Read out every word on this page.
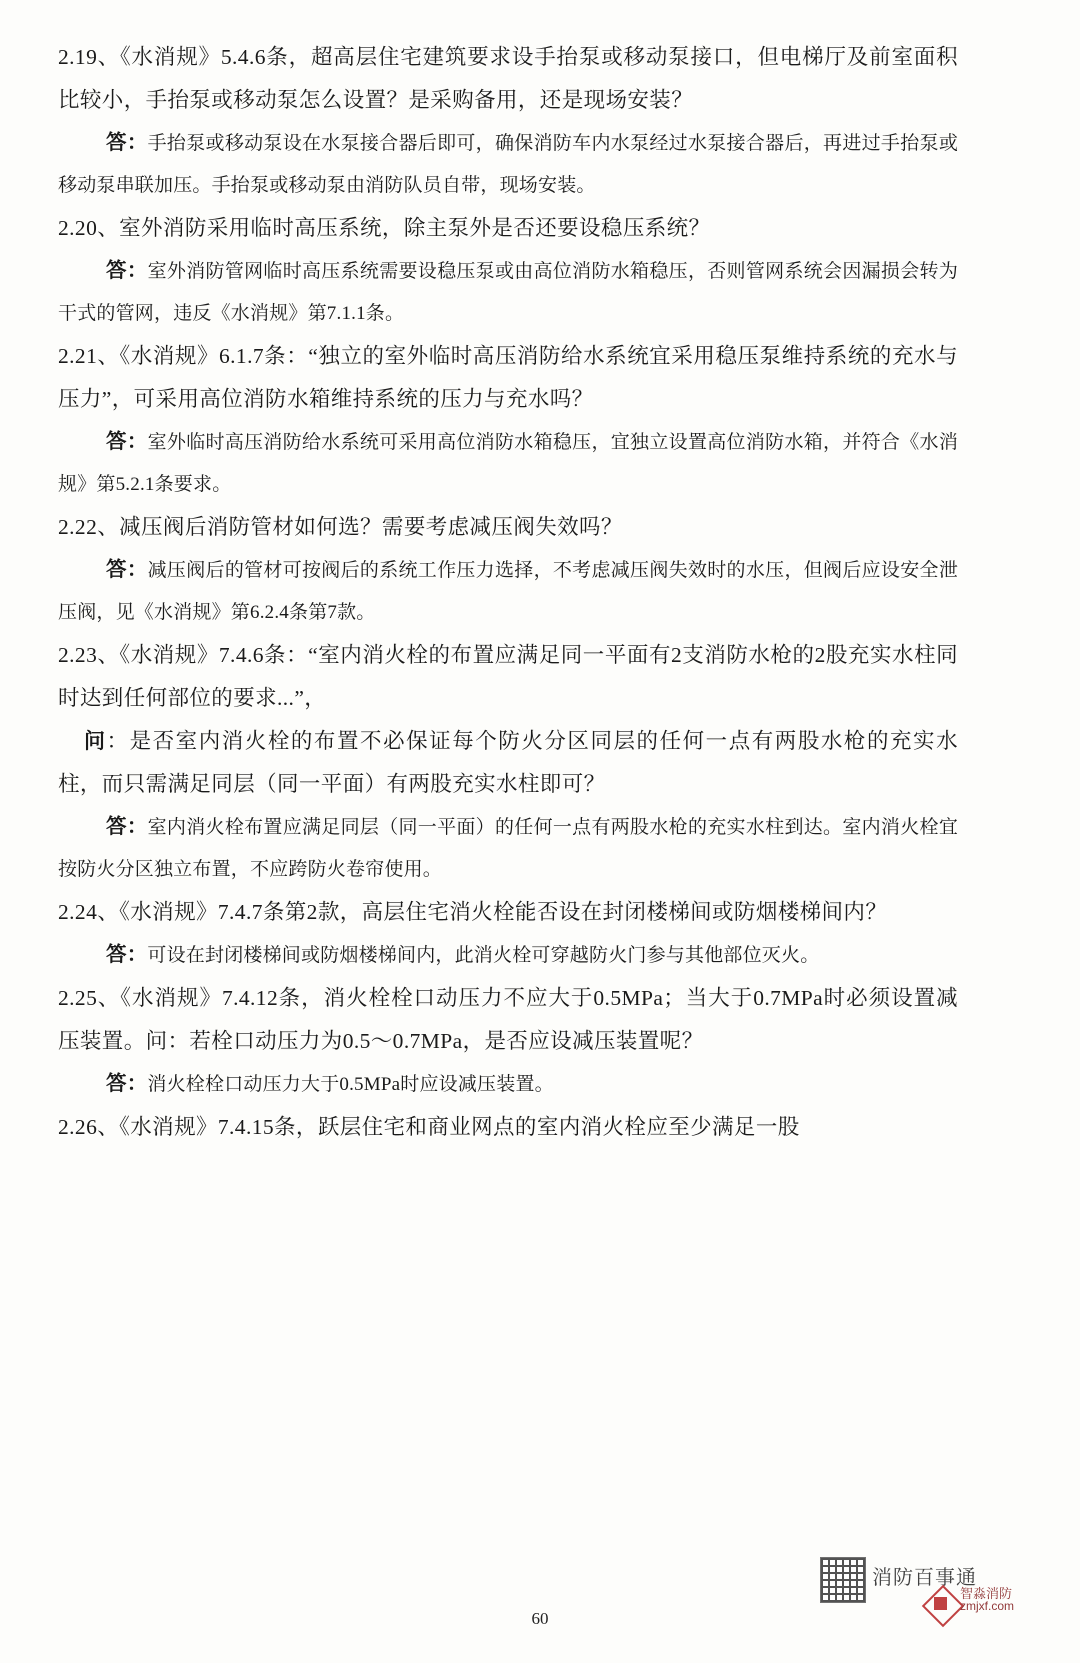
2.19、《水消规》5.4.6条，超高层住宅建筑要求设手抬泵或移动泵接口，但电梯厅及前室面积比较小，手抬泵或移动泵怎么设置？是采购备用，还是现场安装？

答：手抬泵或移动泵设在水泵接合器后即可，确保消防车内水泵经过水泵接合器后，再进过手抬泵或移动泵串联加压。手抬泵或移动泵由消防队员自带，现场安装。

2.20、室外消防采用临时高压系统，除主泵外是否还要设稳压系统？

答：室外消防管网临时高压系统需要设稳压泵或由高位消防水箱稳压，否则管网系统会因漏损会转为干式的管网，违反《水消规》第7.1.1条。

2.21、《水消规》6.1.7条：“独立的室外临时高压消防给水系统宜采用稳压泵维持系统的充水与压力”，可采用高位消防水箱维持系统的压力与充水吗？

答：室外临时高压消防给水系统可采用高位消防水箱稳压，宜独立设置高位消防水箱，并符合《水消规》第5.2.1条要求。

2.22、减压阀后消防管材如何选？需要考虑减压阀失效吗？

答：减压阀后的管材可按阀后的系统工作压力选择，不考虑减压阀失效时的水压，但阀后应设安全泄压阀，见《水消规》第6.2.4条第7款。

2.23、《水消规》7.4.6条：“室内消火栓的布置应满足同一平面有2支消防水枪的2股充实水柱同时达到任何部位的要求...”，

问：是否室内消火栓的布置不必保证每个防火分区同层的任何一点有两股水枪的充实水柱，而只需满足同层（同一平面）有两股充实水柱即可？

答：室内消火栓布置应满足同层（同一平面）的任何一点有两股水枪的充实水柱到达。室内消火栓宜按防火分区独立布置，不应跨防火卷帘使用。

2.24、《水消规》7.4.7条第2款，高层住宅消火栓能否设在封闭楼梯间或防烟楼梯间内？

答：可设在封闭楼梯间或防烟楼梯间内，此消火栓可穿越防火门参与其他部位灭火。

2.25、《水消规》7.4.12条，消火栓栓口动压力不应大于0.5MPa；当大于0.7MPa时必须设置减压装置。问：若栓口动压力为0.5～0.7MPa，是否应设减压装置呢？

答：消火栓栓口动压力大于0.5MPa时应设减压装置。

2.26、《水消规》7.4.15条，跃层住宅和商业网点的室内消火栓应至少满足一股

60
消防百事通
智淼消防
zmjxf.com
